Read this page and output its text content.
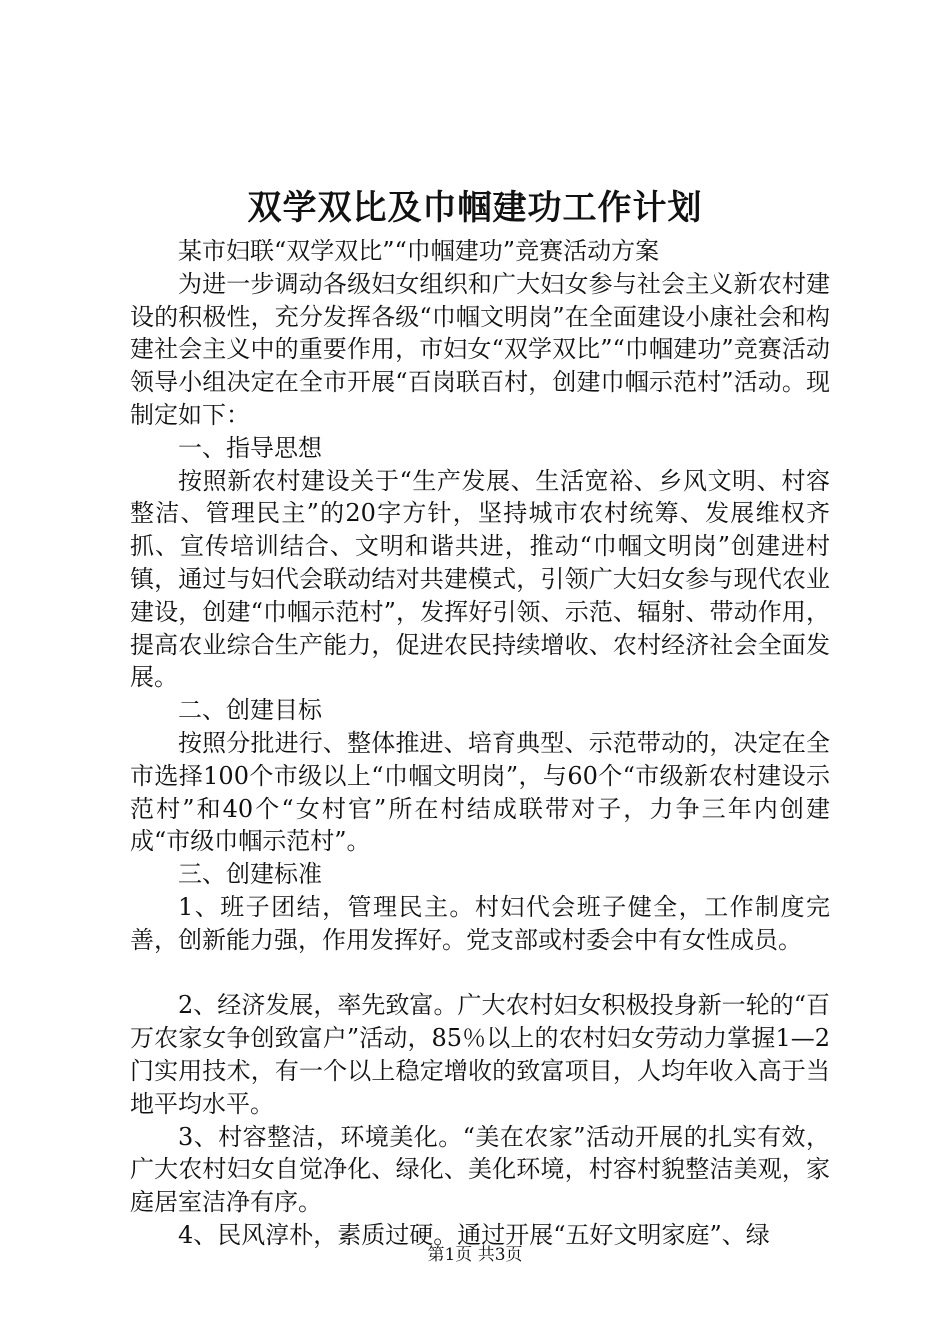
双学双比及巾帼建功工作计划

某市妇联“双学双比”“巾帼建功”竞赛活动方案

为进一步调动各级妇女组织和广大妇女参与社会主义新农村建设的积极性，充分发挥各级“巾帼文明岗”在全面建设小康社会和构建社会主义中的重要作用，市妇女“双学双比”“巾帼建功”竞赛活动领导小组决定在全市开展“百岗联百村，创建巾帼示范村”活动。现制定如下：

一、指导思想

按照新农村建设关于“生产发展、生活宽裕、乡风文明、村容整洁、管理民主”的20字方针，坚持城市农村统筹、发展维权齐抓、宣传培训结合、文明和谐共进，推动“巾帼文明岗”创建进村镇，通过与妇代会联动结对共建模式，引领广大妇女参与现代农业建设，创建“巾帼示范村”，发挥好引领、示范、辐射、带动作用，提高农业综合生产能力，促进农民持续增收、农村经济社会全面发展。

二、创建目标

按照分批进行、整体推进、培育典型、示范带动的，决定在全市选择100个市级以上“巾帼文明岗”，与60个“市级新农村建设示范村”和40个“女村官”所在村结成联带对子，力争三年内创建成“市级巾帼示范村”。

三、创建标准

1、班子团结，管理民主。村妇代会班子健全，工作制度完善，创新能力强，作用发挥好。党支部或村委会中有女性成员。

2、经济发展，率先致富。广大农村妇女积极投身新一轮的“百万农家女争创致富户”活动，85％以上的农村妇女劳动力掌握1—2门实用技术，有一个以上稳定增收的致富项目，人均年收入高于当地平均水平。

3、村容整洁，环境美化。“美在农家”活动开展的扎实有效，广大农村妇女自觉净化、绿化、美化环境，村容村貌整洁美观，家庭居室洁净有序。

4、民风淳朴，素质过硬。通过开展“五好文明家庭”、绿

第1页 共3页
